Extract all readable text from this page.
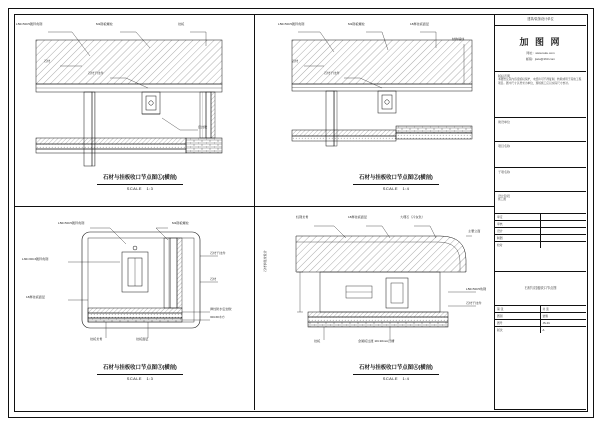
L50×50×5镀锌角钢	M1钢板螺栓	挂板
石材
石材干挂件
密封胶
石材与挂板收口节点图①(横剖)
SCALE 1:3
L50×50×5镀锌角钢	M1钢板螺栓	18厚挂板面层
结构墙体
石材
石材干挂件
石材与挂板收口节点图②(横剖)
SCALE 1:4
L50×50×5镀锌角钢	M1钢板螺栓
石材干挂件
L30×30×3镀锌角钢
石材
18厚挂板面层
弹性防水密封胶
30×30木方
挂板龙骨	挂板面层
石材与挂板收口节点图③(横剖)
SCALE 1:3
轻钢龙骨	18厚挂板面层	大理石（冷灰色）
主要立面
L50×50×5角钢
石材干挂件
挂板	金属板过渡 10×10mm凹槽
石材厚度按设计
石材与挂板收口节点图④(横剖)
SCALE 1:4
建筑/装饰设计单位
加 图 网
网址：www.tuku.com
邮箱：jiatu@163.com
版权声明
本图纸及其内容受版权保护，未经许可不得复制、转载或用于其他工程项目。图中尺寸以毫米为单位，现场施工应以实际尺寸核对。
建设单位
项目名称
子项名称
设计阶段
施工图
审定
审核
设计
制图
校对
石材与挂板收口节点图
第 张	共 张
图别	装施
图号	JS-01
版次	A
